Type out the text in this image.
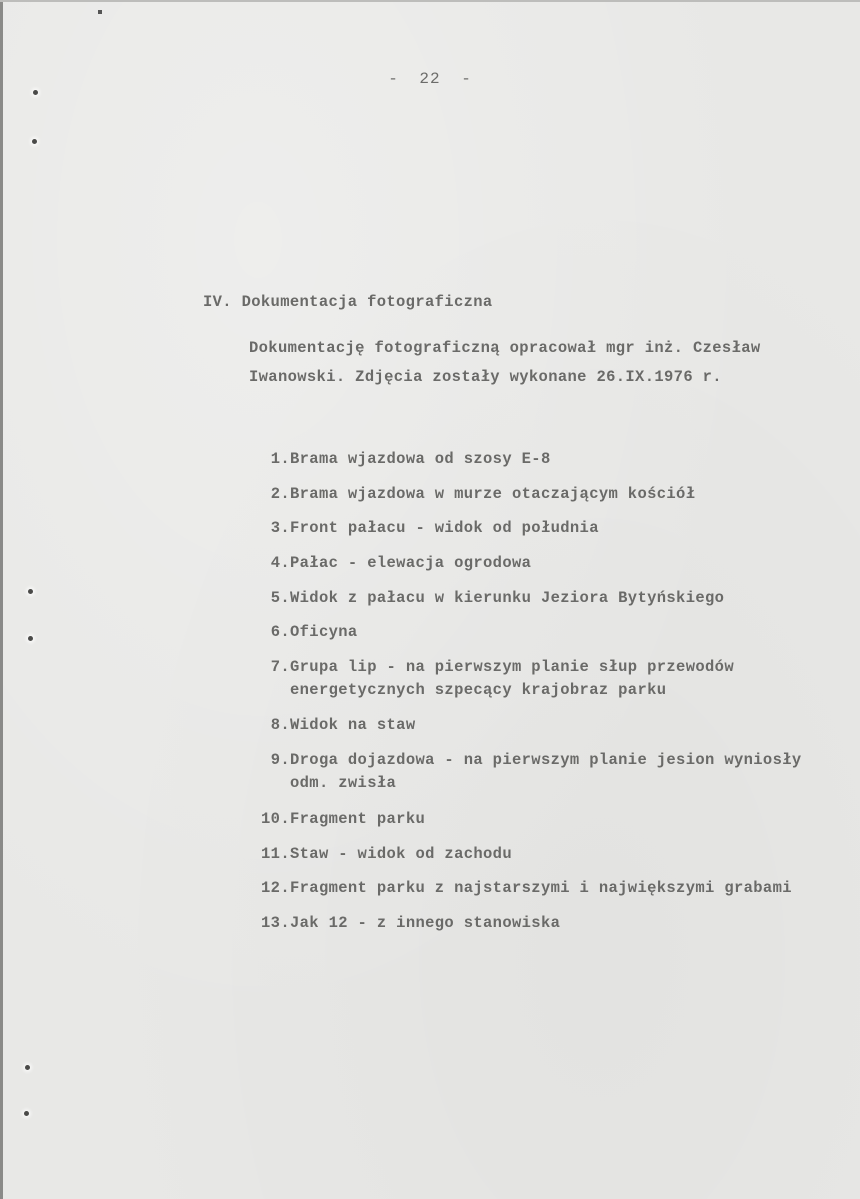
- 22 -
IV. Dokumentacja fotograficzna
Dokumentację fotograficzną opracował mgr inż. Czesław
Iwanowski. Zdjęcia zostały wykonane 26.IX.1976 r.
1. Brama wjazdowa od szosy E-8
2. Brama wjazdowa w murze otaczającym kościół
3. Front pałacu - widok od południa
4. Pałac - elewacja ogrodowa
5. Widok z pałacu w kierunku Jeziora Bytyńskiego
6. Oficyna
7. Grupa lip - na pierwszym planie słup przewodów
energetycznych szpecący krajobraz parku
8. Widok na staw
9. Droga dojazdowa - na pierwszym planie jesion wyniosły
odm. zwisła
10. Fragment parku
11. Staw - widok od zachodu
12. Fragment parku z najstarszymi i największymi grabami
13. Jak 12 - z innego stanowiska
